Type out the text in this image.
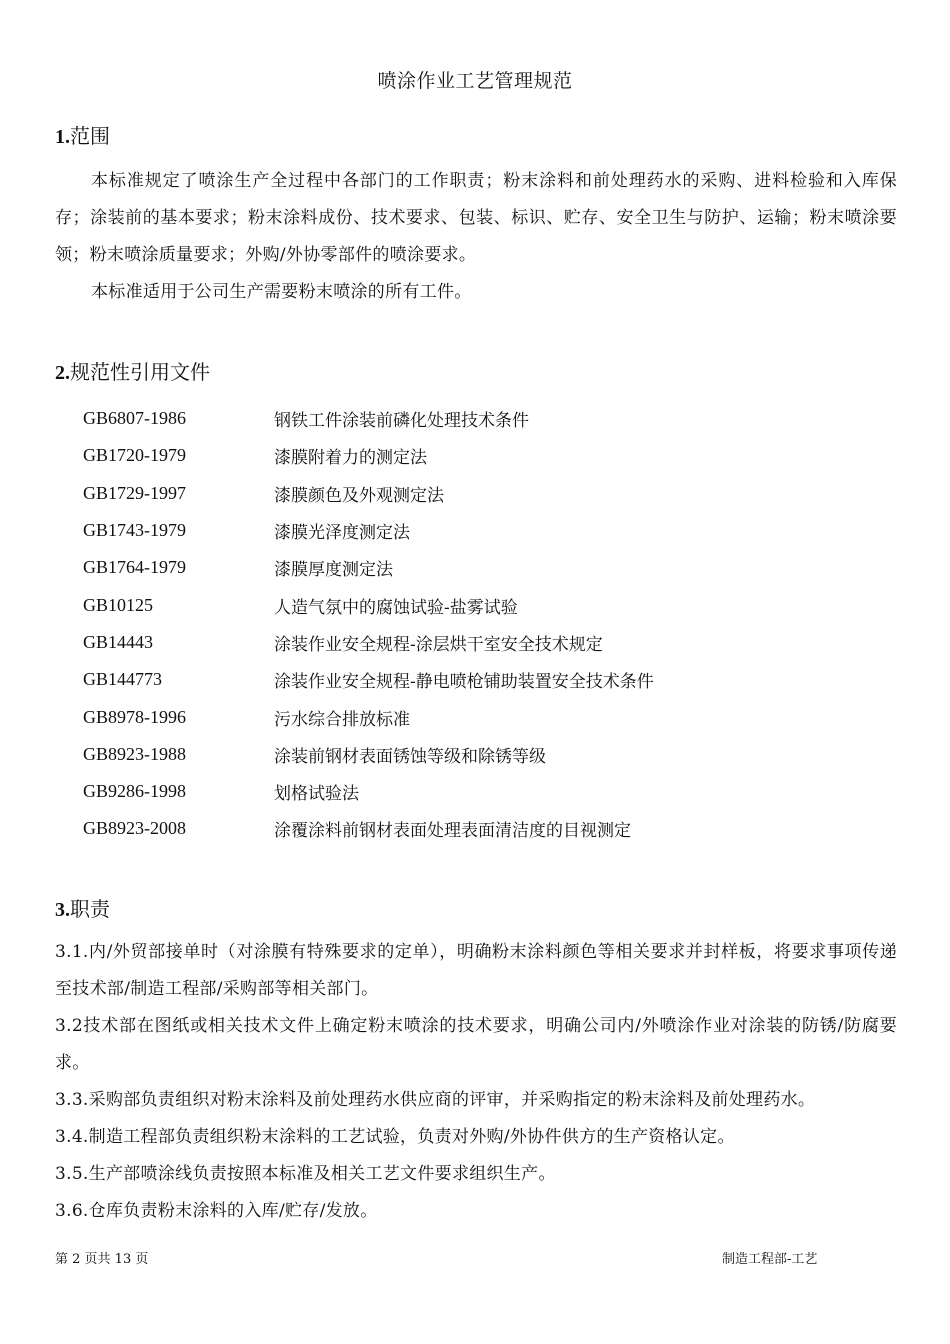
喷涂作业工艺管理规范
1.范围

本标准规定了喷涂生产全过程中各部门的工作职责；粉末涂料和前处理药水的采购、进料检验和入库保存；涂装前的基本要求；粉末涂料成份、技术要求、包装、标识、贮存、安全卫生与防护、运输；粉末喷涂要领；粉末喷涂质量要求；外购/外协零部件的喷涂要求。

本标准适用于公司生产需要粉末喷涂的所有工件。

2.规范性引用文件
GB6807-1986	钢铁工件涂装前磷化处理技术条件
GB1720-1979	漆膜附着力的测定法
GB1729-1997	漆膜颜色及外观测定法
GB1743-1979	漆膜光泽度测定法
GB1764-1979	漆膜厚度测定法
GB10125	人造气氛中的腐蚀试验-盐雾试验
GB14443	涂装作业安全规程-涂层烘干室安全技术规定
GB144773	涂装作业安全规程-静电喷枪铺助装置安全技术条件
GB8978-1996	污水综合排放标准
GB8923-1988	涂装前钢材表面锈蚀等级和除锈等级
GB9286-1998	划格试验法
GB8923-2008	涂覆涂料前钢材表面处理表面清洁度的目视测定
3.职责

3.1.内/外贸部接单时（对涂膜有特殊要求的定单），明确粉末涂料颜色等相关要求并封样板，将要求事项传递至技术部/制造工程部/采购部等相关部门。

3.2技术部在图纸或相关技术文件上确定粉末喷涂的技术要求，明确公司内/外喷涂作业对涂装的防锈/防腐要求。

3.3.采购部负责组织对粉末涂料及前处理药水供应商的评审，并采购指定的粉末涂料及前处理药水。

3.4.制造工程部负责组织粉末涂料的工艺试验，负责对外购/外协件供方的生产资格认定。

3.5.生产部喷涂线负责按照本标准及相关工艺文件要求组织生产。

3.6.仓库负责粉末涂料的入库/贮存/发放。

第 2 页共 13 页	制造工程部-工艺
